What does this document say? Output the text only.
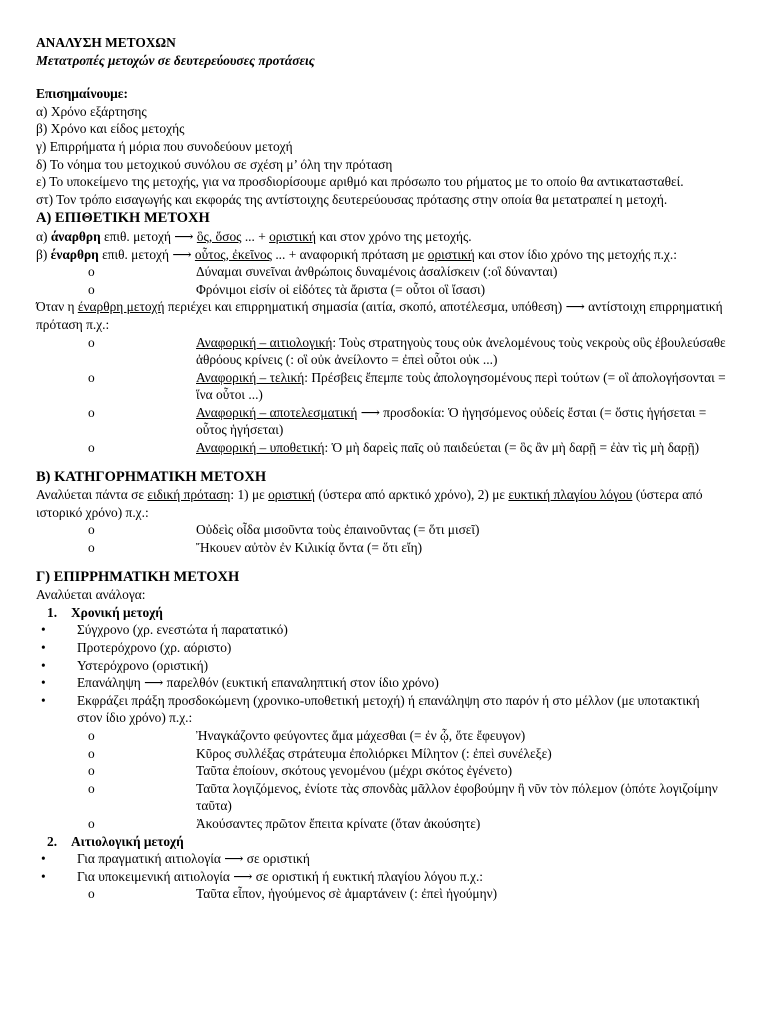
ΑΝΑΛΥΣΗ ΜΕΤΟΧΩΝ
Μετατροπές μετοχών σε δευτερεύουσες προτάσεις
Επισημαίνουμε:
α) Χρόνο εξάρτησης
β) Χρόνο και είδος μετοχής
γ) Επιρρήματα ή μόρια που συνοδεύουν μετοχή
δ) Το νόημα του μετοχικού συνόλου σε σχέση μ’ όλη την πρόταση
ε) Το υποκείμενο της μετοχής, για να προσδιορίσουμε αριθμό και πρόσωπο του ρήματος με το οποίο θα αντικατασταθεί.
στ) Τον τρόπο εισαγωγής και εκφοράς της αντίστοιχης δευτερεύουσας πρότασης στην οποία θα μετατραπεί η μετοχή.
Α) ΕΠΙΘΕΤΙΚΗ ΜΕΤΟΧΗ
α) άναρθρη επιθ. μετοχή ⟶ ὃς, ὅσος ... + οριστική και στον χρόνο της μετοχής.
β) έναρθρη επιθ. μετοχή ⟶ οὗτος, ἐκεῖνος ... + αναφορική πρόταση με οριστική και στον ίδιο χρόνο της μετοχής π.χ.:
o	Δύναμαι συνεῖναι ἀνθρώποις δυναμένοις ἀσαλίσκειν (:οἳ δύνανται)
o	Φρόνιμοι εἰσίν οἱ εἰδότες τὰ ἄριστα (= οὗτοι οἳ ἴσασι)
Όταν η έναρθρη μετοχή περιέχει και επιρρηματική σημασία (αιτία, σκοπό, αποτέλεσμα, υπόθεση) ⟶ αντίστοιχη επιρρηματική πρόταση π.χ.:
o	Αναφορική – αιτιολογική: Τοὺς στρατηγοὺς τους οὐκ ἀνελομένους τοὺς νεκροὺς οὓς ἐβουλεύσαθε ἀθρόους κρίνεις (: οἳ οὐκ ἀνείλοντο = ἐπεὶ οὗτοι οὐκ ...)
o	Αναφορική – τελική: Πρέσβεις ἔπεμπε τοὺς ἀπολογησομένους περὶ τούτων (= οἳ ἀπολογήσονται = ἵνα οὗτοι ...)
o	Αναφορική – αποτελεσματική ⟶ προσδοκία: Ὁ ἡγησόμενος οὐδείς ἔσται (= ὅστις ἡγήσεται = οὗτος ἡγήσεται)
o	Αναφορική – υποθετική: Ὁ μὴ δαρεὶς παῖς οὐ παιδεύεται (= ὃς ἂν μὴ δαρῇ = ἐὰν τὶς μὴ δαρῇ)
Β) ΚΑΤΗΓΟΡΗΜΑΤΙΚΗ ΜΕΤΟΧΗ
Αναλύεται πάντα σε ειδική πρόταση: 1) με οριστική (ύστερα από αρκτικό χρόνο), 2) με ευκτική πλαγίου λόγου (ύστερα από ιστορικό χρόνο) π.χ.:
o	Οὐδεὶς οἶδα μισοῦντα τοὺς ἐπαινοῦντας (= ὅτι μισεῖ)
o	Ἤκουεν αὐτὸν ἐν Κιλικίᾳ ὄντα (= ὅτι εἴη)
Γ) ΕΠΙΡΡΗΜΑΤΙΚΗ ΜΕΤΟΧΗ
Αναλύεται ανάλογα:
1.	Χρονική μετοχή
•	Σύγχρονο (χρ. ενεστώτα ή παρατατικό)
•	Προτερόχρονο (χρ. αόριστο)
•	Υστερόχρονο (οριστική)
•	Επανάληψη ⟶ παρελθόν (ευκτική επαναληπτική στον ίδιο χρόνο)
•	Εκφράζει πράξη προσδοκώμενη (χρονικο-υποθετική μετοχή) ή επανάληψη στο παρόν ή στο μέλλον (με υποτακτική στον ίδιο χρόνο) π.χ.:
o	Ἠναγκάζοντο φεύγοντες ἅμα μάχεσθαι (= ἐν ᾧ, ὅτε ἔφευγον)
o	Κῦρος συλλέξας στράτευμα ἐπολιόρκει Μίλητον (: ἐπεὶ συνέλεξε)
o	Ταῦτα ἐποίουν, σκότους γενομένου (μέχρι σκότος ἐγένετο)
o	Ταῦτα λογιζόμενος, ἐνίοτε τὰς σπονδὰς μᾶλλον ἐφοβούμην ἢ νῦν τὸν πόλεμον (ὁπότε λογιζοίμην ταῦτα)
o	Ἀκούσαντες πρῶτον ἔπειτα κρίνατε (ὅταν ἀκούσητε)
2.	Αιτιολογική μετοχή
•	Για πραγματική αιτιολογία ⟶ σε οριστική
•	Για υποκειμενική αιτιολογία ⟶ σε οριστική ή ευκτική πλαγίου λόγου π.χ.:
o	Ταῦτα εἶπον, ἡγούμενος σὲ ἁμαρτάνειν (: ἐπεὶ ἡγούμην)
